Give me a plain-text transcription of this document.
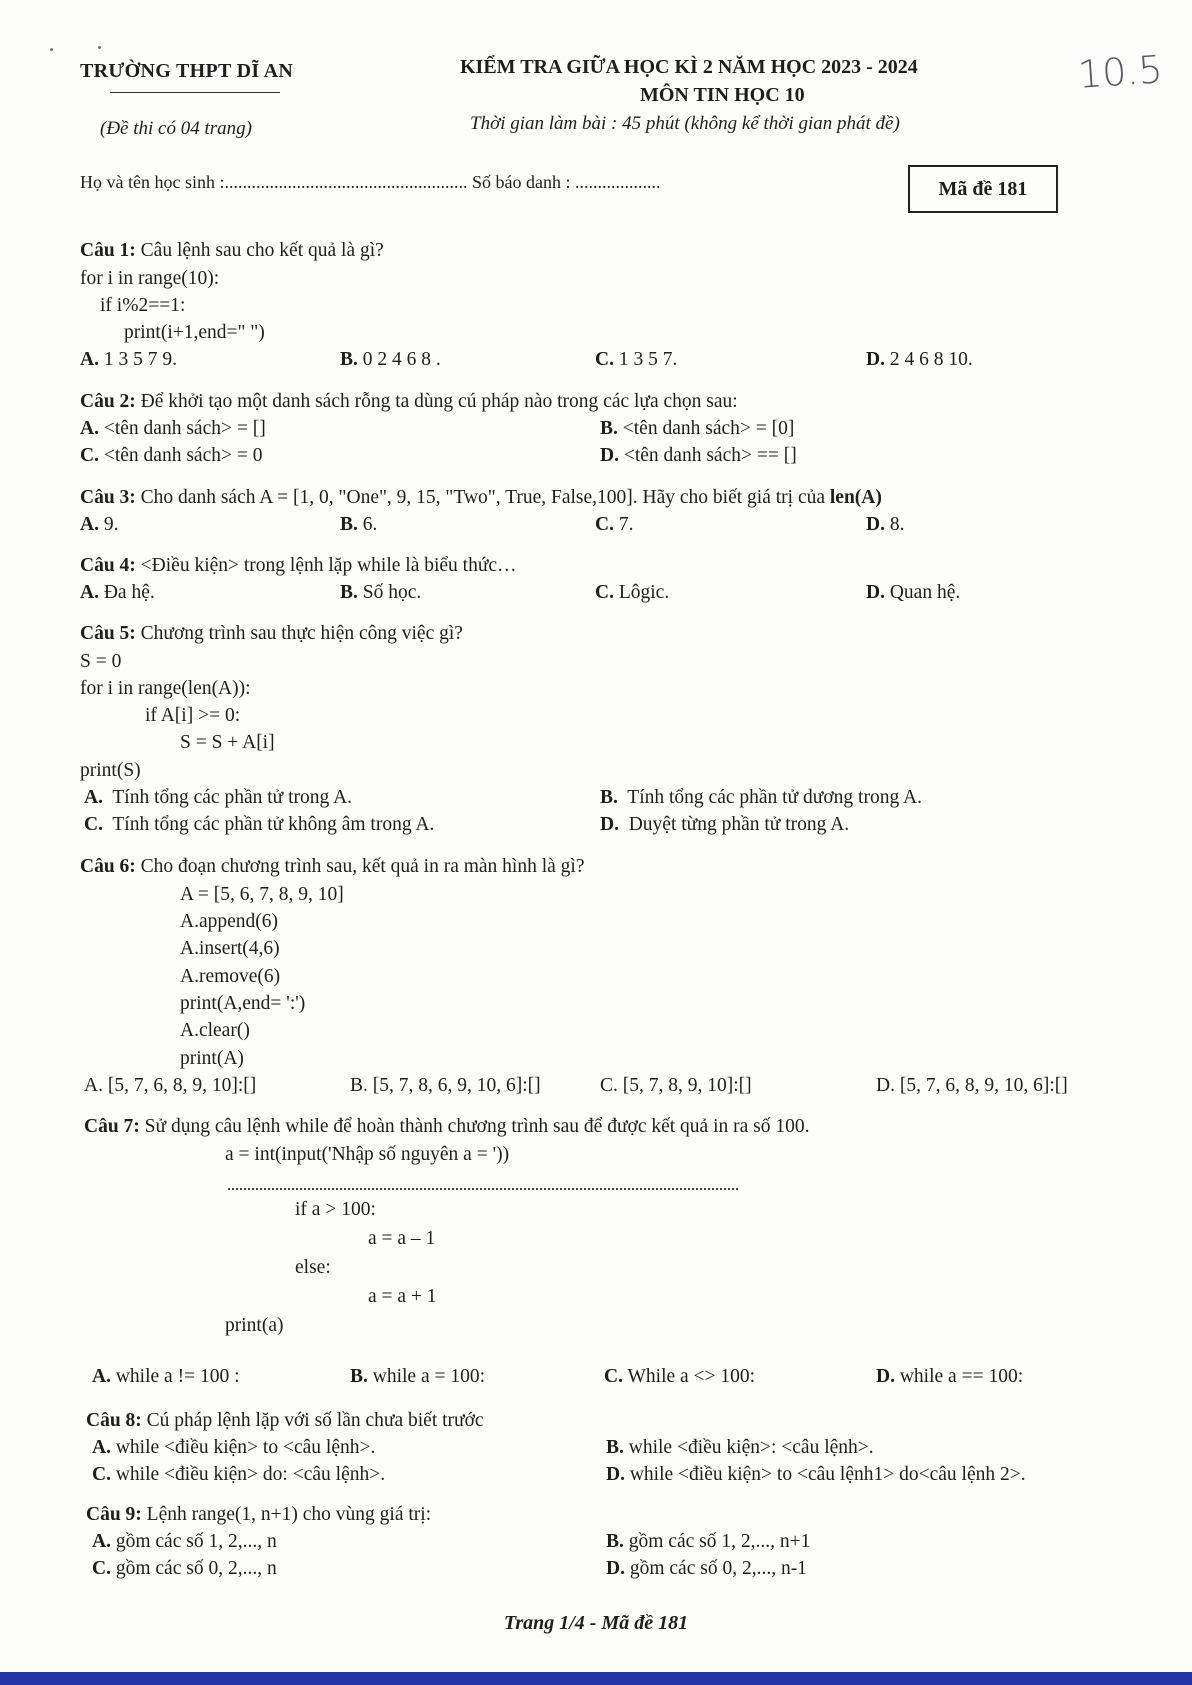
TRƯỜNG THPT DĨ AN	KIỂM TRA GIỮA HỌC KÌ 2 NĂM HỌC 2023 - 2024
MÔN TIN HỌC 10
(Đề thi có 04 trang)	Thời gian làm bài : 45 phút (không kể thời gian phát đề)
10.5
Họ và tên học sinh :...................................................... Số báo danh : ...................	Mã đề 181
Câu 1: Câu lệnh sau cho kết quả là gì?
for i in range(10):
if i%2==1:
print(i+1,end=" ")
A. 1 3 5 7 9.	B. 0 2 4 6 8 .	C. 1 3 5 7.	D. 2 4 6 8 10.
Câu 2: Để khởi tạo một danh sách rỗng ta dùng cú pháp nào trong các lựa chọn sau:
A. <tên danh sách> = []	B. <tên danh sách> = [0]
C. <tên danh sách> = 0	D. <tên danh sách> == []
Câu 3: Cho danh sách A = [1, 0, "One", 9, 15, "Two", True, False,100]. Hãy cho biết giá trị của len(A)
A. 9.	B. 6.	C. 7.	D. 8.
Câu 4: <Điều kiện> trong lệnh lặp while là biểu thức…
A. Đa hệ.	B. Số học.	C. Lôgic.	D. Quan hệ.
Câu 5: Chương trình sau thực hiện công việc gì?
S = 0
for i in range(len(A)):
if A[i] >= 0:
S = S + A[i]
print(S)
A. Tính tổng các phần tử trong A.	B. Tính tổng các phần tử dương trong A.
C. Tính tổng các phần tử không âm trong A.	D. Duyệt từng phần tử trong A.
Câu 6: Cho đoạn chương trình sau, kết quả in ra màn hình là gì?
A = [5, 6, 7, 8, 9, 10]
A.append(6)
A.insert(4,6)
A.remove(6)
print(A,end= ':')
A.clear()
print(A)
A. [5, 7, 6, 8, 9, 10]:[]	B. [5, 7, 8, 6, 9, 10, 6]:[]	C. [5, 7, 8, 9, 10]:[]	D. [5, 7, 6, 8, 9, 10, 6]:[]
Câu 7: Sử dụng câu lệnh while để hoàn thành chương trình sau để được kết quả in ra số 100.
a = int(input('Nhập số nguyên a = '))
if a > 100:
a = a – 1
else:
a = a + 1
print(a)
A. while a != 100 :	B. while a = 100:	C. While a <> 100:	D. while a == 100:
Câu 8: Cú pháp lệnh lặp với số lần chưa biết trước
A. while <điều kiện> to <câu lệnh>.	B. while <điều kiện>: <câu lệnh>.
C. while <điều kiện> do: <câu lệnh>.	D. while <điều kiện> to <câu lệnh1> do<câu lệnh 2>.
Câu 9: Lệnh range(1, n+1) cho vùng giá trị:
A. gồm các số 1, 2,..., n	B. gồm các số 1, 2,..., n+1
C. gồm các số 0, 2,..., n	D. gồm các số 0, 2,..., n-1
Trang 1/4 - Mã đề 181
